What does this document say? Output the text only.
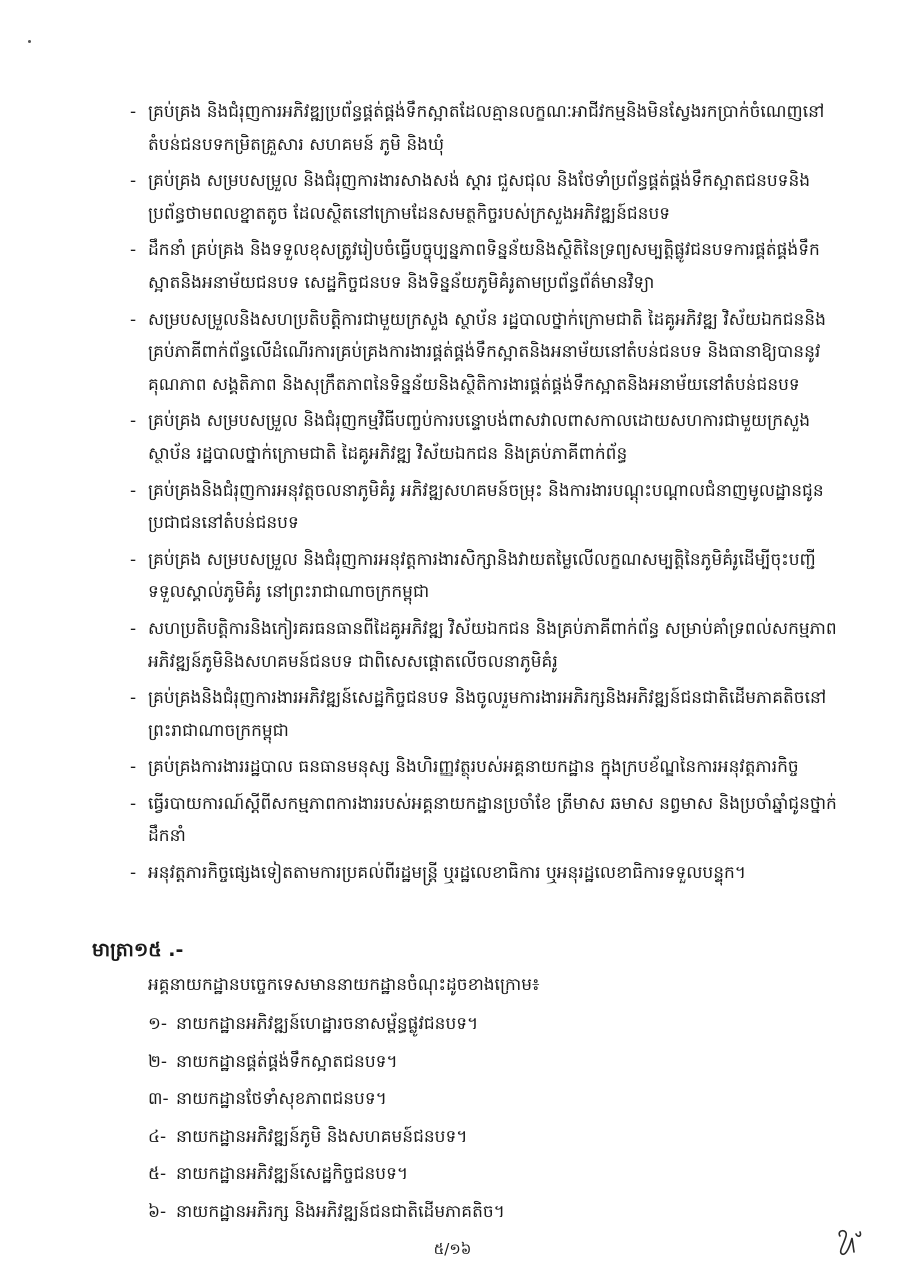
- គ្រប់គ្រង និងជំរុញការអភិវឌ្ឍប្រព័ន្ធផ្គត់ផ្គង់ទឹកស្អាតដែលគ្មានលក្ខណៈអាជីវកម្មនិងមិនស្វែងរកប្រាក់ចំណេញនៅតំបន់ជនបទកម្រិតគ្រួសារ សហគមន៍ ភូមិ និងឃុំ
- គ្រប់គ្រង សម្របសម្រួល និងជំរុញការងារសាងសង់ ស្តារ ជួសជុល និងថែទាំប្រព័ន្ធផ្គត់ផ្គង់ទឹកស្អាតជនបទនិងប្រព័ន្ធថាមពលខ្នាតតូច ដែលស្ថិតនៅក្រោមដែនសមត្ថកិច្ចរបស់ក្រសួងអភិវឌ្ឍន៍ជនបទ
- ដឹកនាំ គ្រប់គ្រង និងទទួលខុសត្រូវរៀបចំធ្វើបច្ចុប្បន្នភាពទិន្នន័យនិងស្ថិតិនៃទ្រព្យសម្បត្តិផ្លូវជនបទការផ្គត់ផ្គង់ទឹកស្អាតនិងអនាម័យជនបទ សេដ្ឋកិច្ចជនបទ និងទិន្នន័យភូមិគំរូតាមប្រព័ន្ធព័ត៌មានវិទ្យា
- សម្របសម្រួលនិងសហប្រតិបត្តិការជាមួយក្រសួង ស្ថាប័ន រដ្ឋបាលថ្នាក់ក្រោមជាតិ ដៃគូអភិវឌ្ឍ វិស័យឯកជននិងគ្រប់ភាគីពាក់ព័ន្ធលើដំណើរការគ្រប់គ្រងការងារផ្គត់ផ្គង់ទឹកស្អាតនិងអនាម័យនៅតំបន់ជនបទ និងធានាឱ្យបាននូវគុណភាព សង្គតិភាព និងសុក្រឹតភាពនៃទិន្នន័យនិងស្ថិតិការងារផ្គត់ផ្គង់ទឹកស្អាតនិងអនាម័យនៅតំបន់ជនបទ
- គ្រប់គ្រង សម្របសម្រួល និងជំរុញកម្មវិធីបញ្ចប់ការបន្ទោបង់ពាសវាលពាសកាលដោយសហការជាមួយក្រសួង ស្ថាប័ន រដ្ឋបាលថ្នាក់ក្រោមជាតិ ដៃគូអភិវឌ្ឍ វិស័យឯកជន និងគ្រប់ភាគីពាក់ព័ន្ធ
- គ្រប់គ្រងនិងជំរុញការអនុវត្តចលនាភូមិគំរូ អភិវឌ្ឍសហគមន៍ចម្រុះ និងការងារបណ្តុះបណ្តាលជំនាញមូលដ្ឋានជូនប្រជាជននៅតំបន់ជនបទ
- គ្រប់គ្រង សម្របសម្រួល និងជំរុញការអនុវត្តការងារសិក្សានិងវាយតម្លៃលើលក្ខណសម្បត្តិនៃភូមិគំរូដើម្បីចុះបញ្ជីទទួលស្គាល់ភូមិគំរូ នៅព្រះរាជាណាចក្រកម្ពុជា
- សហប្រតិបត្តិការនិងកៀរគរធនធានពីដៃគូអភិវឌ្ឍ វិស័យឯកជន និងគ្រប់ភាគីពាក់ព័ន្ធ សម្រាប់គាំទ្រពល់សកម្មភាពអភិវឌ្ឍន៍ភូមិនិងសហគមន៍ជនបទ ជាពិសេសផ្តោតលើចលនាភូមិគំរូ
- គ្រប់គ្រងនិងជំរុញការងារអភិវឌ្ឍន៍សេដ្ឋកិច្ចជនបទ និងចូលរួមការងារអភិរក្សនិងអភិវឌ្ឍន៍ជនជាតិដើមភាគតិចនៅព្រះរាជាណាចក្រកម្ពុជា
- គ្រប់គ្រងការងាររដ្ឋបាល ធនធានមនុស្ស និងហិរញ្ញវត្ថុរបស់អគ្គនាយកដ្ឋាន ក្នុងក្របខ័ណ្ឌនៃការអនុវត្តភារកិច្ច
- ធ្វើរបាយការណ៍ស្តីពីសកម្មភាពការងាររបស់អគ្គនាយកដ្ឋានប្រចាំខែ ត្រីមាស ឆមាស នព្វមាស និងប្រចាំឆ្នាំជូនថ្នាក់ដឹកនាំ
- អនុវត្តភារកិច្ចផ្សេងទៀតតាមការប្រគល់ពីរដ្ឋមន្ត្រី ឬរដ្ឋលេខាធិការ ឬអនុរដ្ឋលេខាធិការទទួលបន្ទុក។
មាត្រា១៥ .-
អគ្គនាយកដ្ឋានបច្ចេកទេសមាននាយកដ្ឋានចំណុះដូចខាងក្រោម៖
១- នាយកដ្ឋានអភិវឌ្ឍន៍ហេដ្ឋារចនាសម្ព័ន្ធផ្លូវជនបទ។
២- នាយកដ្ឋានផ្គត់ផ្គង់ទឹកស្អាតជនបទ។
៣- នាយកដ្ឋានថែទាំសុខភាពជនបទ។
៤- នាយកដ្ឋានអភិវឌ្ឍន៍ភូមិ និងសហគមន៍ជនបទ។
៥- នាយកដ្ឋានអភិវឌ្ឍន៍សេដ្ឋកិច្ចជនបទ។
៦- នាយកដ្ឋានអភិរក្ស និងអភិវឌ្ឍន៍ជនជាតិដើមភាគតិច។
៥/១៦
